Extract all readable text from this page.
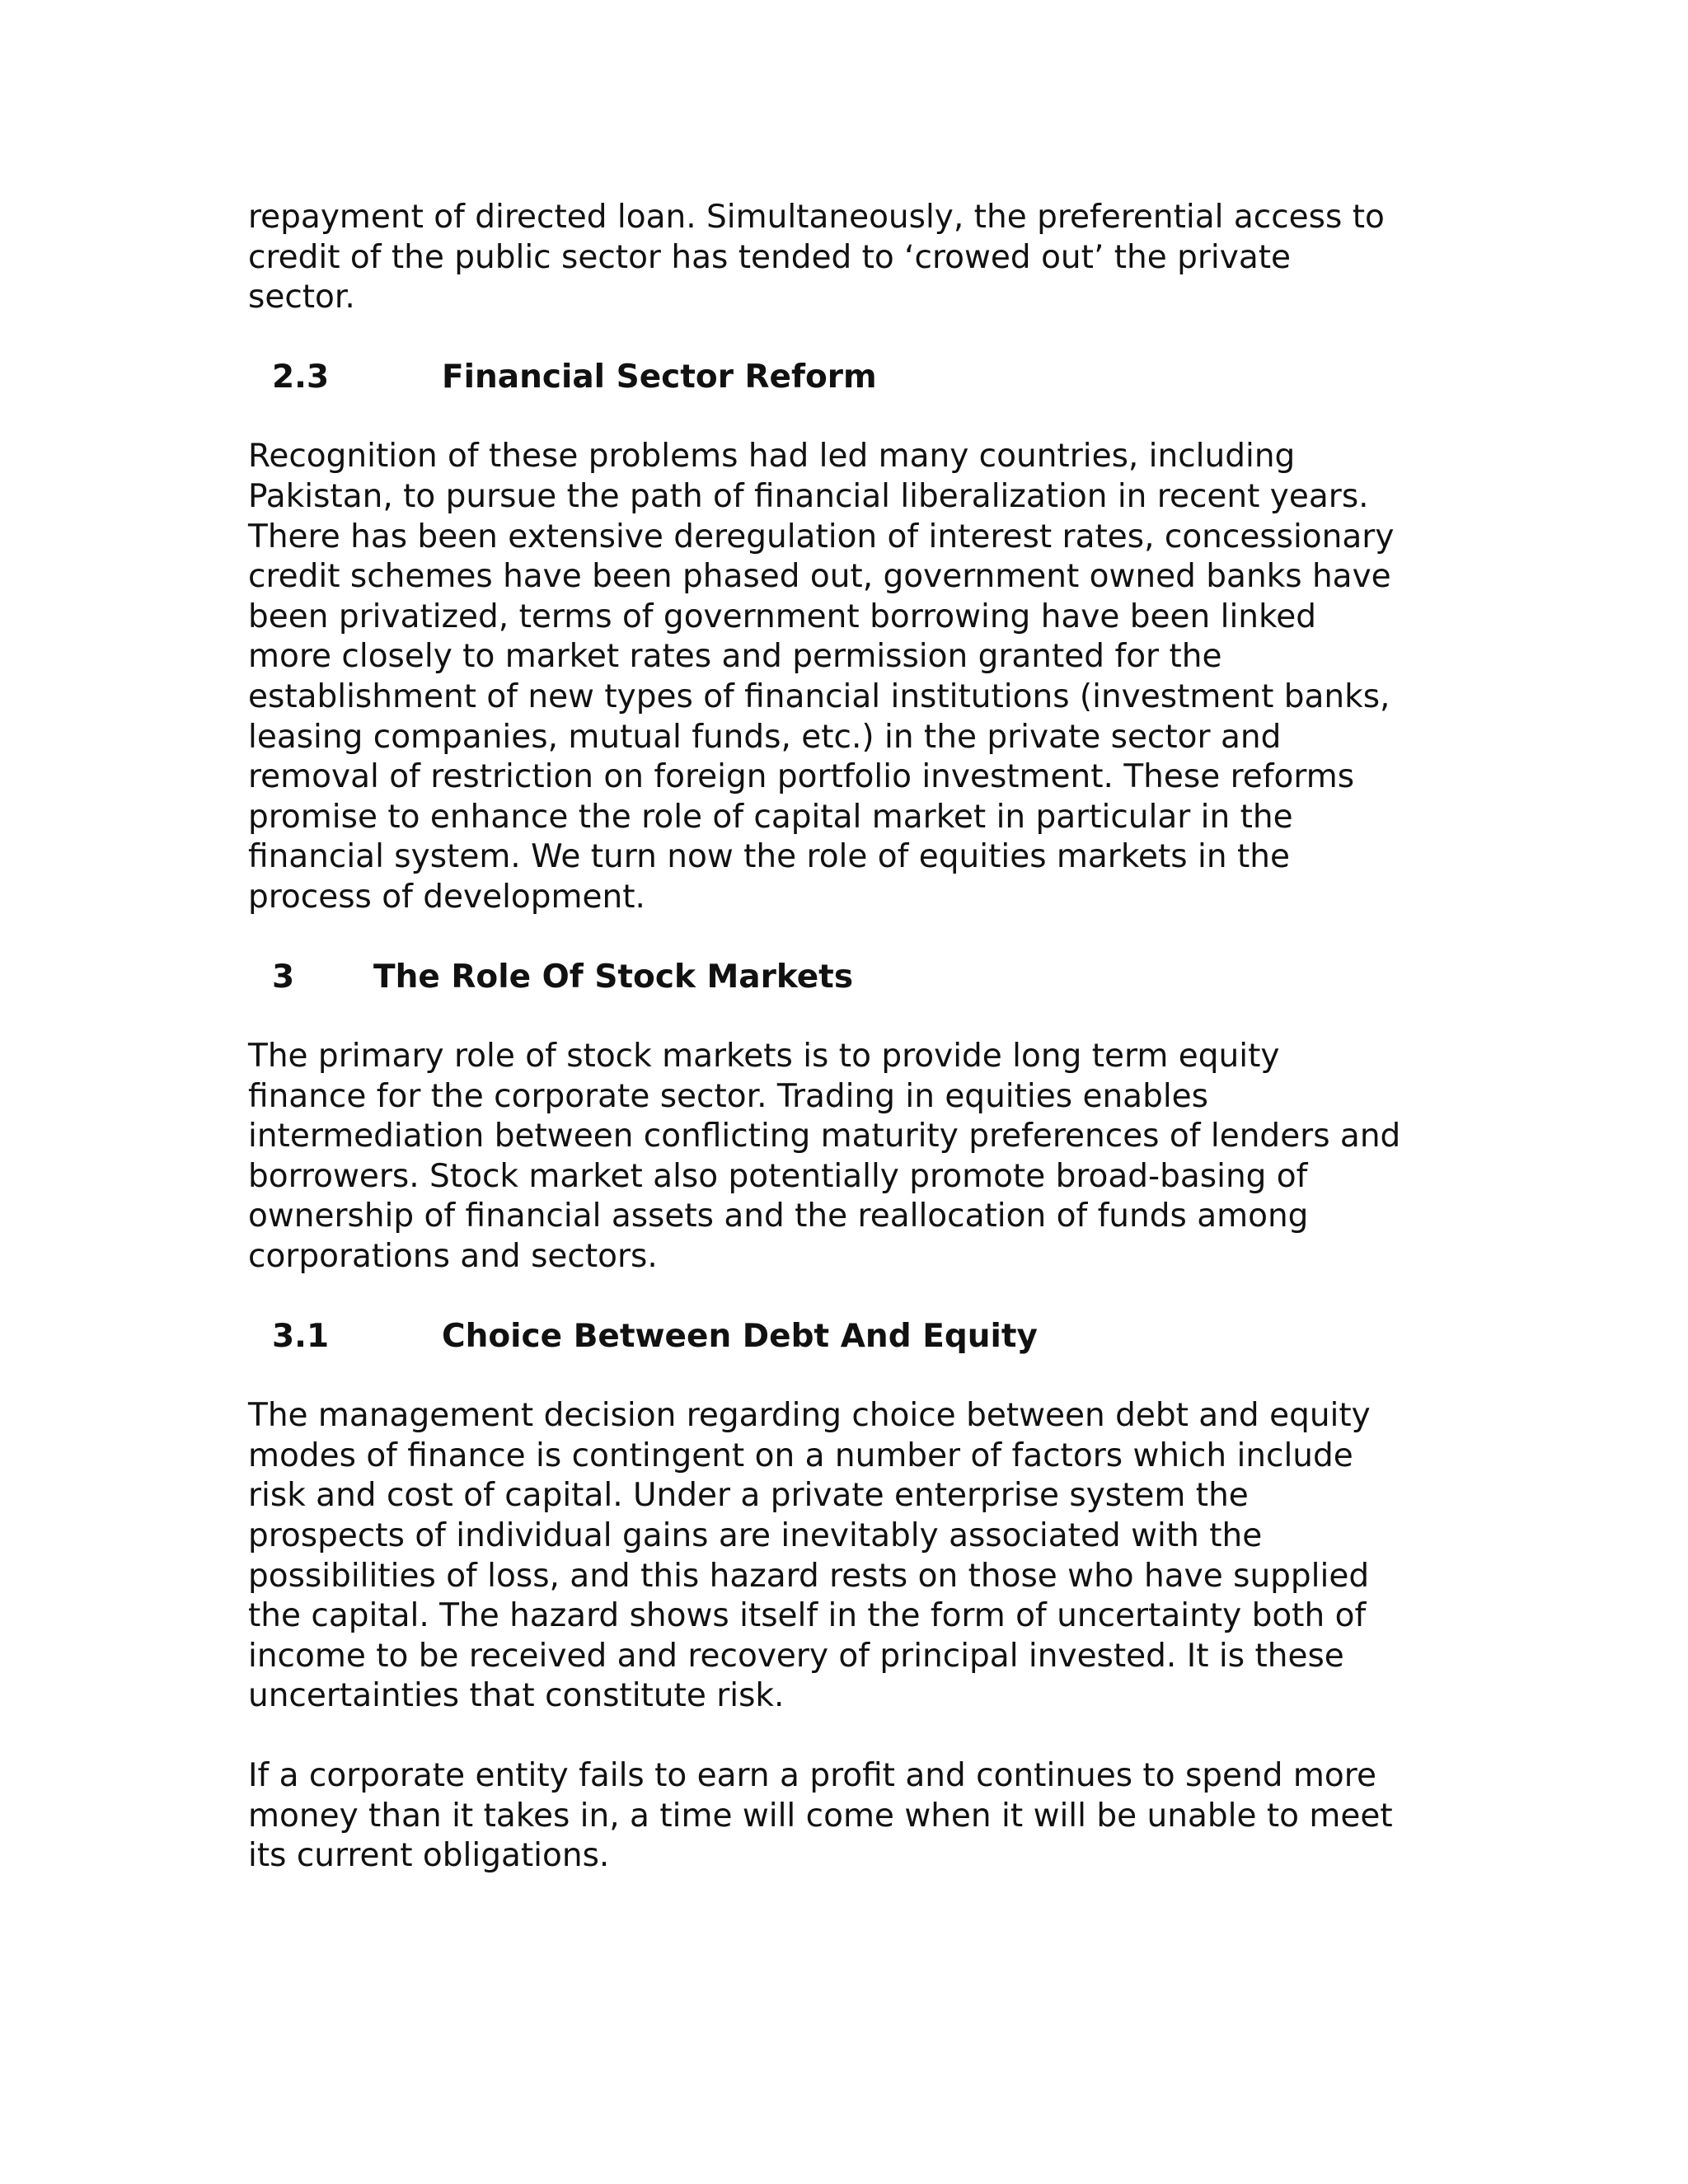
repayment of directed loan. Simultaneously, the preferential access to
credit of the public sector has tended to ‘crowed out’ the private
sector.

2.3	Financial Sector Reform

Recognition of these problems had led many countries, including
Pakistan, to pursue the path of financial liberalization in recent years.
There has been extensive deregulation of interest rates, concessionary
credit schemes have been phased out, government owned banks have
been privatized, terms of government borrowing have been linked
more closely to market rates and permission granted for the
establishment of new types of financial institutions (investment banks,
leasing companies, mutual funds, etc.) in the private sector and
removal of restriction on foreign portfolio investment. These reforms
promise to enhance the role of capital market in particular in the
financial system. We turn now the role of equities markets in the
process of development.

3 The Role Of Stock Markets

The primary role of stock markets is to provide long term equity
finance for the corporate sector. Trading in equities enables
intermediation between conflicting maturity preferences of lenders and
borrowers. Stock market also potentially promote broad-basing of
ownership of financial assets and the reallocation of funds among
corporations and sectors.

3.1	Choice Between Debt And Equity

The management decision regarding choice between debt and equity
modes of finance is contingent on a number of factors which include
risk and cost of capital. Under a private enterprise system the
prospects of individual gains are inevitably associated with the
possibilities of loss, and this hazard rests on those who have supplied
the capital. The hazard shows itself in the form of uncertainty both of
income to be received and recovery of principal invested. It is these
uncertainties that constitute risk.

If a corporate entity fails to earn a profit and continues to spend more
money than it takes in, a time will come when it will be unable to meet
its current obligations.
